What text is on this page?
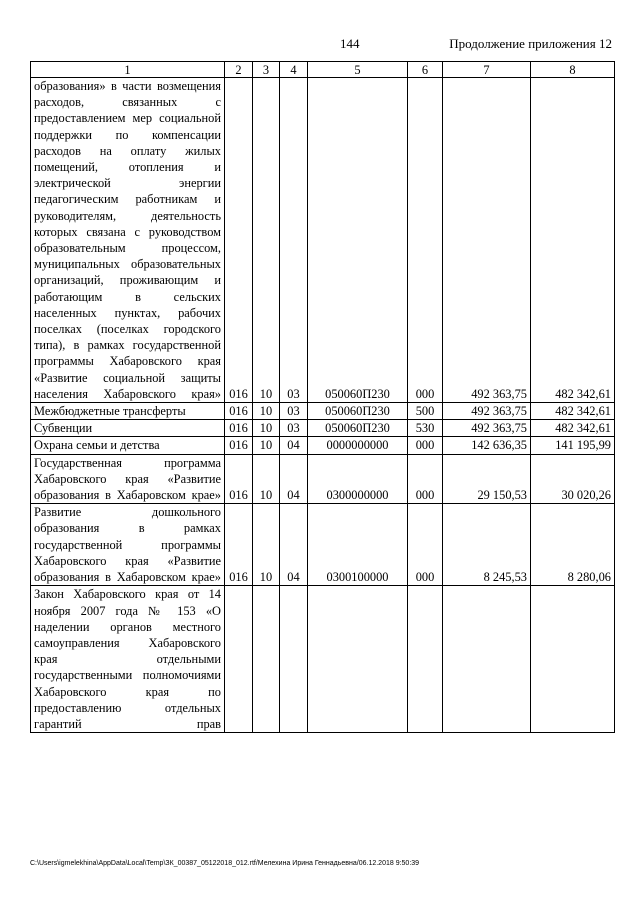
144	Продолжение приложения 12
1	2	3	4	5	6	7	8
образования» в части возмещения расходов, связанных с предоставлением мер социальной поддержки по компенсации расходов на оплату жилых помещений, отопления и электрической энергии педагогическим работникам и руководителям, деятельность которых связана с руководством образовательным процессом, муниципальных образовательных организаций, проживающим и работающим в сельских населенных пунктах, рабочих поселках (поселках городского типа), в рамках государственной программы Хабаровского края «Развитие социальной защиты населения Хабаровского края»	016	10	03	050060П230	000	492 363,75	482 342,61
Межбюджетные трансферты	016	10	03	050060П230	500	492 363,75	482 342,61
Субвенции	016	10	03	050060П230	530	492 363,75	482 342,61
Охрана семьи и детства	016	10	04	0000000000	000	142 636,35	141 195,99
Государственная программа Хабаровского края «Развитие образования в Хабаровском крае»	016	10	04	0300000000	000	29 150,53	30 020,26
Развитие дошкольного образования в рамках государственной программы Хабаровского края «Развитие образования в Хабаровском крае»	016	10	04	0300100000	000	8 245,53	8 280,06
Закон Хабаровского края от 14 ноября 2007 года № 153 «О наделении органов местного самоуправления Хабаровского края отдельными государственными полномочиями Хабаровского края по предоставлению отдельных гарантий прав							
C:\Users\igmelekhina\AppData\Local\Temp\ЗК_00387_05122018_012.rtf/Мелехина Ирина Геннадьевна/06.12.2018 9:50:39
